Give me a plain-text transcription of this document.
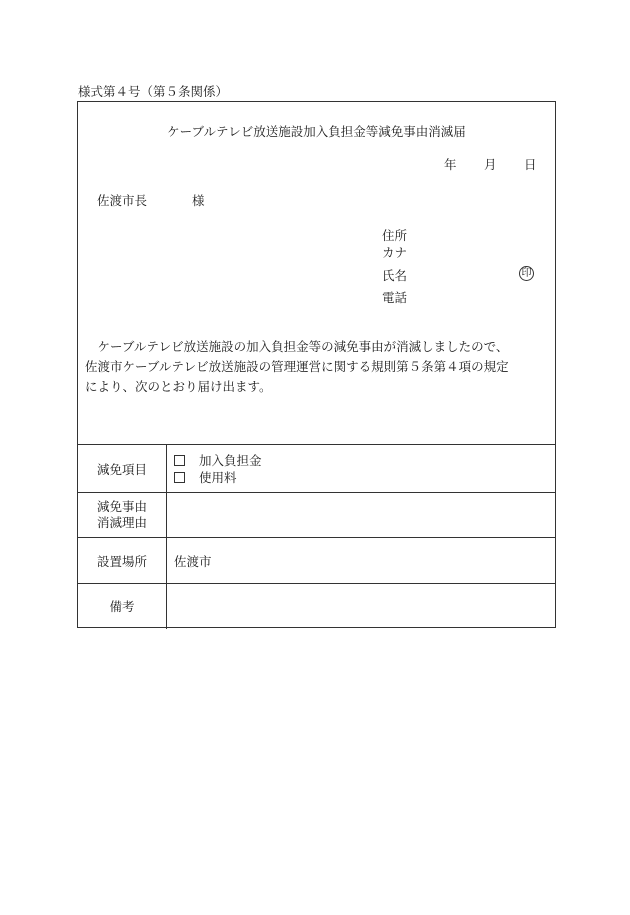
様式第４号（第５条関係）
ケーブルテレビ放送施設加入負担金等減免事由消滅届
年 月 日
佐渡市長	様
住所
カナ
氏名	印
電話
ケーブルテレビ放送施設の加入負担金等の減免事由が消滅しましたので、
佐渡市ケーブルテレビ放送施設の管理運営に関する規則第５条第４項の規定
により、次のとおり届け出ます。
減免項目	加入負担金
使用料

減免事由
消滅理由	

設置場所	佐渡市
備考	
